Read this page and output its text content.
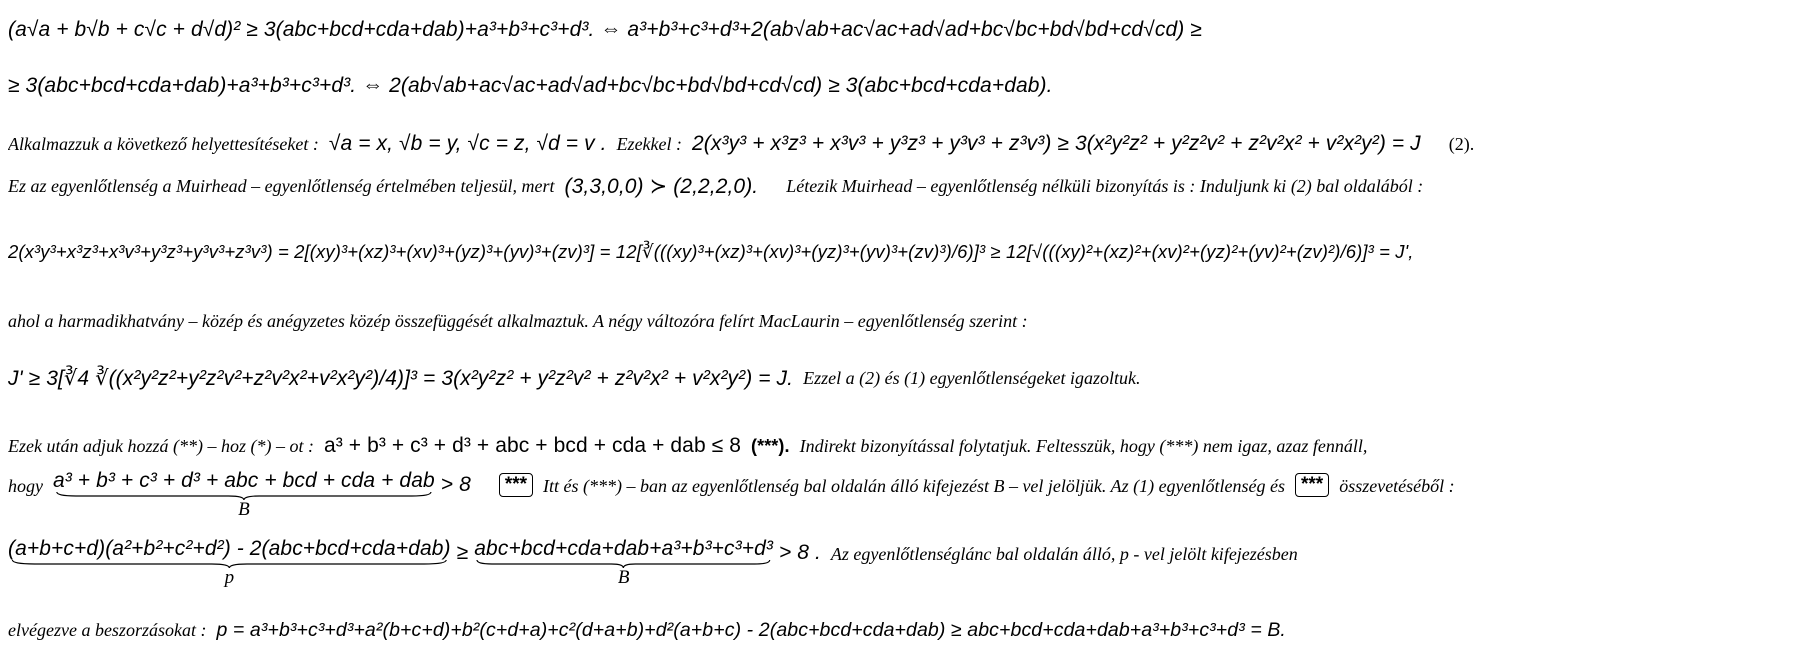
(a√a + b√b + c√c + d√d)² ≥ 3(abc+bcd+cda+dab)+a³+b³+c³+d³. ⇔ a³+b³+c³+d³+2(ab√ab+ac√ac+ad√ad+bc√bc+bd√bd+cd√cd) ≥
≥ 3(abc+bcd+cda+dab)+a³+b³+c³+d³. ⇔ 2(ab√ab+ac√ac+ad√ad+bc√bc+bd√bd+cd√cd) ≥ 3(abc+bcd+cda+dab).
Alkalmazzuk a következő helyettesítéseket : √a = x, √b = y, √c = z, √d = v . Ezekkel : 2(x³y³ + x³z³ + x³v³ + y³z³ + y³v³ + z³v³) ≥ 3(x²y²z² + y²z²v² + z²v²x² + v²x²y²) = J (2).
Ez az egyenlőtlenség a Muirhead – egyenlőtlenség értelmében teljesül, mert (3,3,0,0) ≻ (2,2,2,0). Létezik Muirhead – egyenlőtlenség nélküli bizonyítás is : Induljunk ki (2) bal oldalából :
2(x³y³+x³z³+x³v³+y³z³+y³v³+z³v³) = 2[(xy)³+(xz)³+(xv)³+(yz)³+(yv)³+(zv)³] = 12[∛(((xy)³+(xz)³+(xv)³+(yz)³+(yv)³+(zv)³)/6)]³ ≥ 12[√(((xy)²+(xz)²+(xv)²+(yz)²+(yv)²+(zv)²)/6)]³ = J',
ahol a harmadikhatvány – közép és anégyzetes közép összefüggését alkalmaztuk. A négy változóra felírt MacLaurin – egyenlőtlenség szerint :
J' ≥ 3[∛4 ∛((x²y²z²+y²z²v²+z²v²x²+v²x²y²)/4)]³ = 3(x²y²z² + y²z²v² + z²v²x² + v²x²y²) = J. Ezzel a (2) és (1) egyenlőtlenségeket igazoltuk.
Ezek után adjuk hozzá (**) – hoz (*) – ot : a³ + b³ + c³ + d³ + abc + bcd + cda + dab ≤ 8 (***). Indirekt bizonyítással folytatjuk. Feltesszük, hogy (***) nem igaz, azaz fennáll,
hogy a³ + b³ + c³ + d³ + abc + bcd + cda + dab
B
> 8	*** Itt és (***) – ban az egyenlőtlenség bal oldalán álló kifejezést B – vel jelöljük. Az (1) egyenlőtlenség és *** összevetéséből :
(a+b+c+d)(a²+b²+c²+d²) - 2(abc+bcd+cda+dab)
p
≥ abc+bcd+cda+dab+a³+b³+c³+d³
B
> 8 . Az egyenlőtlenséglánc bal oldalán álló, p - vel jelölt kifejezésben
elvégezve a beszorzásokat : p = a³+b³+c³+d³+a²(b+c+d)+b²(c+d+a)+c²(d+a+b)+d²(a+b+c) - 2(abc+bcd+cda+dab) ≥ abc+bcd+cda+dab+a³+b³+c³+d³ = B.
